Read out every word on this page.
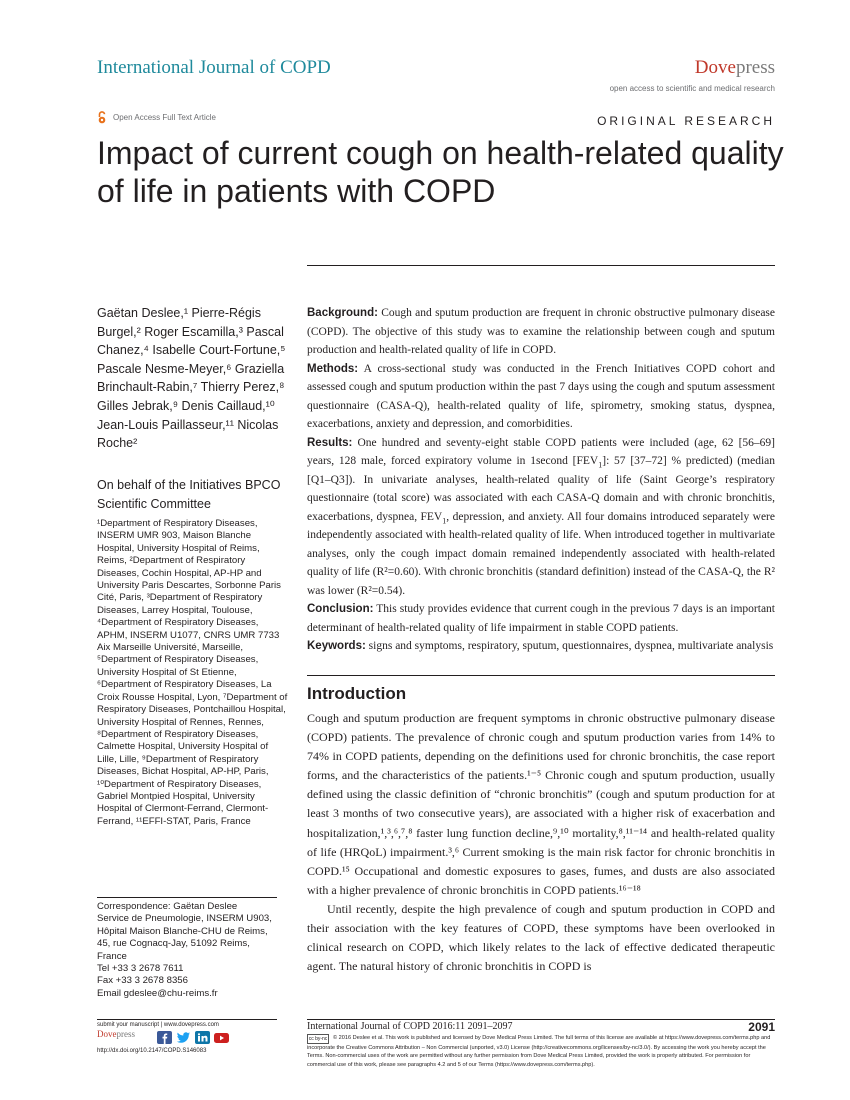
International Journal of COPD	Dovepress
open access to scientific and medical research
Open Access Full Text Article	ORIGINAL RESEARCH
Impact of current cough on health-related quality of life in patients with COPD
Gaëtan Deslee,¹ Pierre-Régis Burgel,² Roger Escamilla,³ Pascal Chanez,⁴ Isabelle Court-Fortune,⁵ Pascale Nesme-Meyer,⁶ Graziella Brinchault-Rabin,⁷ Thierry Perez,⁸ Gilles Jebrak,⁹ Denis Caillaud,¹⁰ Jean-Louis Paillasseur,¹¹ Nicolas Roche²
On behalf of the Initiatives BPCO Scientific Committee
¹Department of Respiratory Diseases, INSERM UMR 903, Maison Blanche Hospital, University Hospital of Reims, Reims, ²Department of Respiratory Diseases, Cochin Hospital, AP-HP and University Paris Descartes, Sorbonne Paris Cité, Paris, ³Department of Respiratory Diseases, Larrey Hospital, Toulouse, ⁴Department of Respiratory Diseases, APHM, INSERM U1077, CNRS UMR 7733 Aix Marseille Université, Marseille, ⁵Department of Respiratory Diseases, University Hospital of St Etienne, ⁶Department of Respiratory Diseases, La Croix Rousse Hospital, Lyon, ⁷Department of Respiratory Diseases, Pontchaillou Hospital, University Hospital of Rennes, Rennes, ⁸Department of Respiratory Diseases, Calmette Hospital, University Hospital of Lille, Lille, ⁹Department of Respiratory Diseases, Bichat Hospital, AP-HP, Paris, ¹⁰Department of Respiratory Diseases, Gabriel Montpied Hospital, University Hospital of Clermont-Ferrand, Clermont-Ferrand, ¹¹EFFI-STAT, Paris, France
Correspondence: Gaëtan Deslee
Service de Pneumologie, INSERM U903,
Hôpital Maison Blanche-CHU de Reims,
45, rue Cognacq-Jay, 51092 Reims,
France
Tel +33 3 2678 7611
Fax +33 3 2678 8356
Email gdeslee@chu-reims.fr

Background: Cough and sputum production are frequent in chronic obstructive pulmonary disease (COPD). The objective of this study was to examine the relationship between cough and sputum production and health-related quality of life in COPD.

Methods: A cross-sectional study was conducted in the French Initiatives COPD cohort and assessed cough and sputum production within the past 7 days using the cough and sputum assessment questionnaire (CASA-Q), health-related quality of life, spirometry, smoking status, dyspnea, exacerbations, anxiety and depression, and comorbidities.

Results: One hundred and seventy-eight stable COPD patients were included (age, 62 [56–69] years, 128 male, forced expiratory volume in 1second $[FEV_1]$: 57 [37–72] % predicted) (median [Q1–Q3]). In univariate analyses, health-related quality of life (Saint George’s respiratory questionnaire (total score) was associated with each CASA-Q domain and with chronic bronchitis, exacerbations, dyspnea, $FEV_1$, depression, and anxiety. All four domains introduced separately were independently associated with health-related quality of life. When introduced together in multivariate analyses, only the cough impact domain remained independently associated with health-related quality of life (R²=0.60). With chronic bronchitis (standard definition) instead of the CASA-Q, the R² was lower (R²=0.54).

Conclusion: This study provides evidence that current cough in the previous 7 days is an important determinant of health-related quality of life impairment in stable COPD patients.

Keywords: signs and symptoms, respiratory, sputum, questionnaires, dyspnea, multivariate analysis

Introduction

Cough and sputum production are frequent symptoms in chronic obstructive pulmonary disease (COPD) patients. The prevalence of chronic cough and sputum production varies from 14% to 74% in COPD patients, depending on the definitions used for chronic bronchitis, the case report forms, and the characteristics of the patients.¹⁻⁵ Chronic cough and sputum production, usually defined using the classic definition of “chronic bronchitis” (cough and sputum production for at least 3 months of two consecutive years), are associated with a higher risk of exacerbation and hospitalization,¹,³,⁶,⁷,⁸ faster lung function decline,⁹,¹⁰ mortality,⁸,¹¹⁻¹⁴ and health-related quality of life (HRQoL) impairment.³,⁶ Current smoking is the main risk factor for chronic bronchitis in COPD.¹⁵ Occupational and domestic exposures to gases, fumes, and dusts are also associated with a higher prevalence of chronic bronchitis in COPD patients.¹⁶⁻¹⁸

Until recently, despite the high prevalence of cough and sputum production in COPD and their association with the key features of COPD, these symptoms have been overlooked in clinical research on COPD, which likely relates to the lack of effective dedicated therapeutic agent. The natural history of chronic bronchitis in COPD is

submit your manuscript | www.dovepress.com
Dovepress
http://dx.doi.org/10.2147/COPD.S146083
International Journal of COPD 2016:11 2091–2097	2091
cc by-nc © 2016 Deslee et al. This work is published and licensed by Dove Medical Press Limited. The full terms of this license are available at https://www.dovepress.com/terms.php and incorporate the Creative Commons Attribution – Non Commercial (unported, v3.0) License (http://creativecommons.org/licenses/by-nc/3.0/). By accessing the work you hereby accept the Terms. Non-commercial uses of the work are permitted without any further permission from Dove Medical Press Limited, provided the work is properly attributed. For permission for commercial use of this work, please see paragraphs 4.2 and 5 of our Terms (https://www.dovepress.com/terms.php).
